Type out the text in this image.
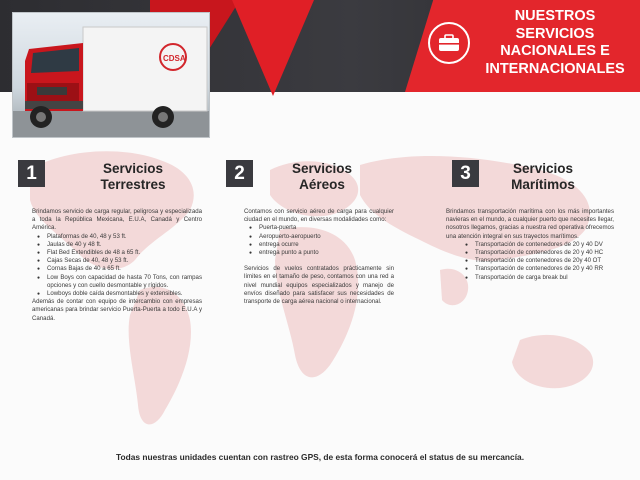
CDSA
NUESTROS
SERVICIOS
NACIONALES E
INTERNACIONALES
1	Servicios
Terrestres

Brindamos servicio de carga regular, peligrosa y especializada a toda la República Mexicana, E.U.A, Canadá y Centro América.

● Plataformas de 40, 48 y 53 ft.
● Jaulas de 40 y 48 ft.
● Flat Bed Extendibles de 48 a 65 ft.
● Cajas Secas de 40, 48 y 53 ft.
● Cornas Bajas de 40 a 65 ft.
● Low Boys con capacidad de hasta 70 Tons, con rampas opciones y con cuello desmontable y rígidos.
● Lowboys doble caída desmontables y extensibles.

Además de contar con equipo de intercambio con empresas americanas para brindar servicio Puerta-Puerta a todo E.U.A y Canadá.

2	Servicios
Aéreos

Contamos con servicio aéreo de carga para cualquier ciudad en el mundo, en diversas modalidades como:

● Puerta-puerta
● Aeropuerto-aeropuerto
● entrega ocurre
● entrega punto a punto

Servicios de vuelos contratados prácticamente sin límites en el tamaño de peso, contamos con una red a nivel mundial equipos especializados y manejo de envíos diseñado para satisfacer sus necesidades de transporte de carga aérea nacional o internacional.

3	Servicios
Marítimos

Brindamos transportación marítima con los más importantes navieras en el mundo, a cualquier puerto que necesites llegar, nosotros llegamos, gracias a nuestra red operativa ofrecemos una atención integral en sus trayectos marítimos.

● Transportación de contenedores de 20 y 40 DV
● Transportación de contenedores de 20 y 40 HC
● Transportación de contenedores de 20y 40 OT
● Transportación de contenedores de 20 y 40 RR
● Transportación de carga break bul
Todas nuestras unidades cuentan con rastreo GPS, de esta forma conocerá el status de su mercancía.
